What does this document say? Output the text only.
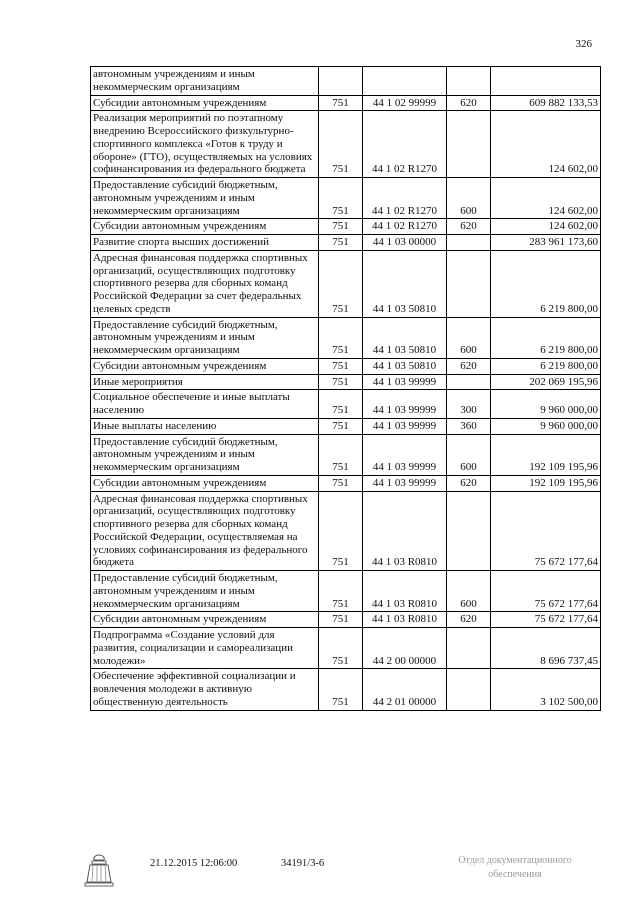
326
автономным учреждениям и иным некоммерческим организациям				
Субсидии автономным учреждениям	751	44 1 02 99999	620	609 882 133,53
Реализация мероприятий по поэтапному внедрению Всероссийского физкультурно-спортивного комплекса «Готов к труду и обороне» (ГТО), осуществляемых на условиях софинансирования из федерального бюджета	751	44 1 02 R1270		124 602,00
Предоставление субсидий бюджетным, автономным учреждениям и иным некоммерческим организациям	751	44 1 02 R1270	600	124 602,00
Субсидии автономным учреждениям	751	44 1 02 R1270	620	124 602,00
Развитие спорта высших достижений	751	44 1 03 00000		283 961 173,60
Адресная финансовая поддержка спортивных организаций, осуществляющих подготовку спортивного резерва для сборных команд Российской Федерации за счет федеральных целевых средств	751	44 1 03 50810		6 219 800,00
Предоставление субсидий бюджетным, автономным учреждениям и иным некоммерческим организациям	751	44 1 03 50810	600	6 219 800,00
Субсидии автономным учреждениям	751	44 1 03 50810	620	6 219 800,00
Иные мероприятия	751	44 1 03 99999		202 069 195,96
Социальное обеспечение и иные выплаты населению	751	44 1 03 99999	300	9 960 000,00
Иные выплаты населению	751	44 1 03 99999	360	9 960 000,00
Предоставление субсидий бюджетным, автономным учреждениям и иным некоммерческим организациям	751	44 1 03 99999	600	192 109 195,96
Субсидии автономным учреждениям	751	44 1 03 99999	620	192 109 195,96
Адресная финансовая поддержка спортивных организаций, осуществляющих подготовку спортивного резерва для сборных команд Российской Федерации, осуществляемая на условиях софинансирования из федерального бюджета	751	44 1 03 R0810		75 672 177,64
Предоставление субсидий бюджетным, автономным учреждениям и иным некоммерческим организациям	751	44 1 03 R0810	600	75 672 177,64
Субсидии автономным учреждениям	751	44 1 03 R0810	620	75 672 177,64
Подпрограмма «Создание условий для развития, социализации и самореализации молодежи»	751	44 2 00 00000		8 696 737,45
Обеспечение эффективной социализации и вовлечения молодежи в активную общественную деятельность	751	44 2 01 00000		3 102 500,00
21.12.2015 12:06:00	34191/3-6	Отдел документационного
обеспечения
